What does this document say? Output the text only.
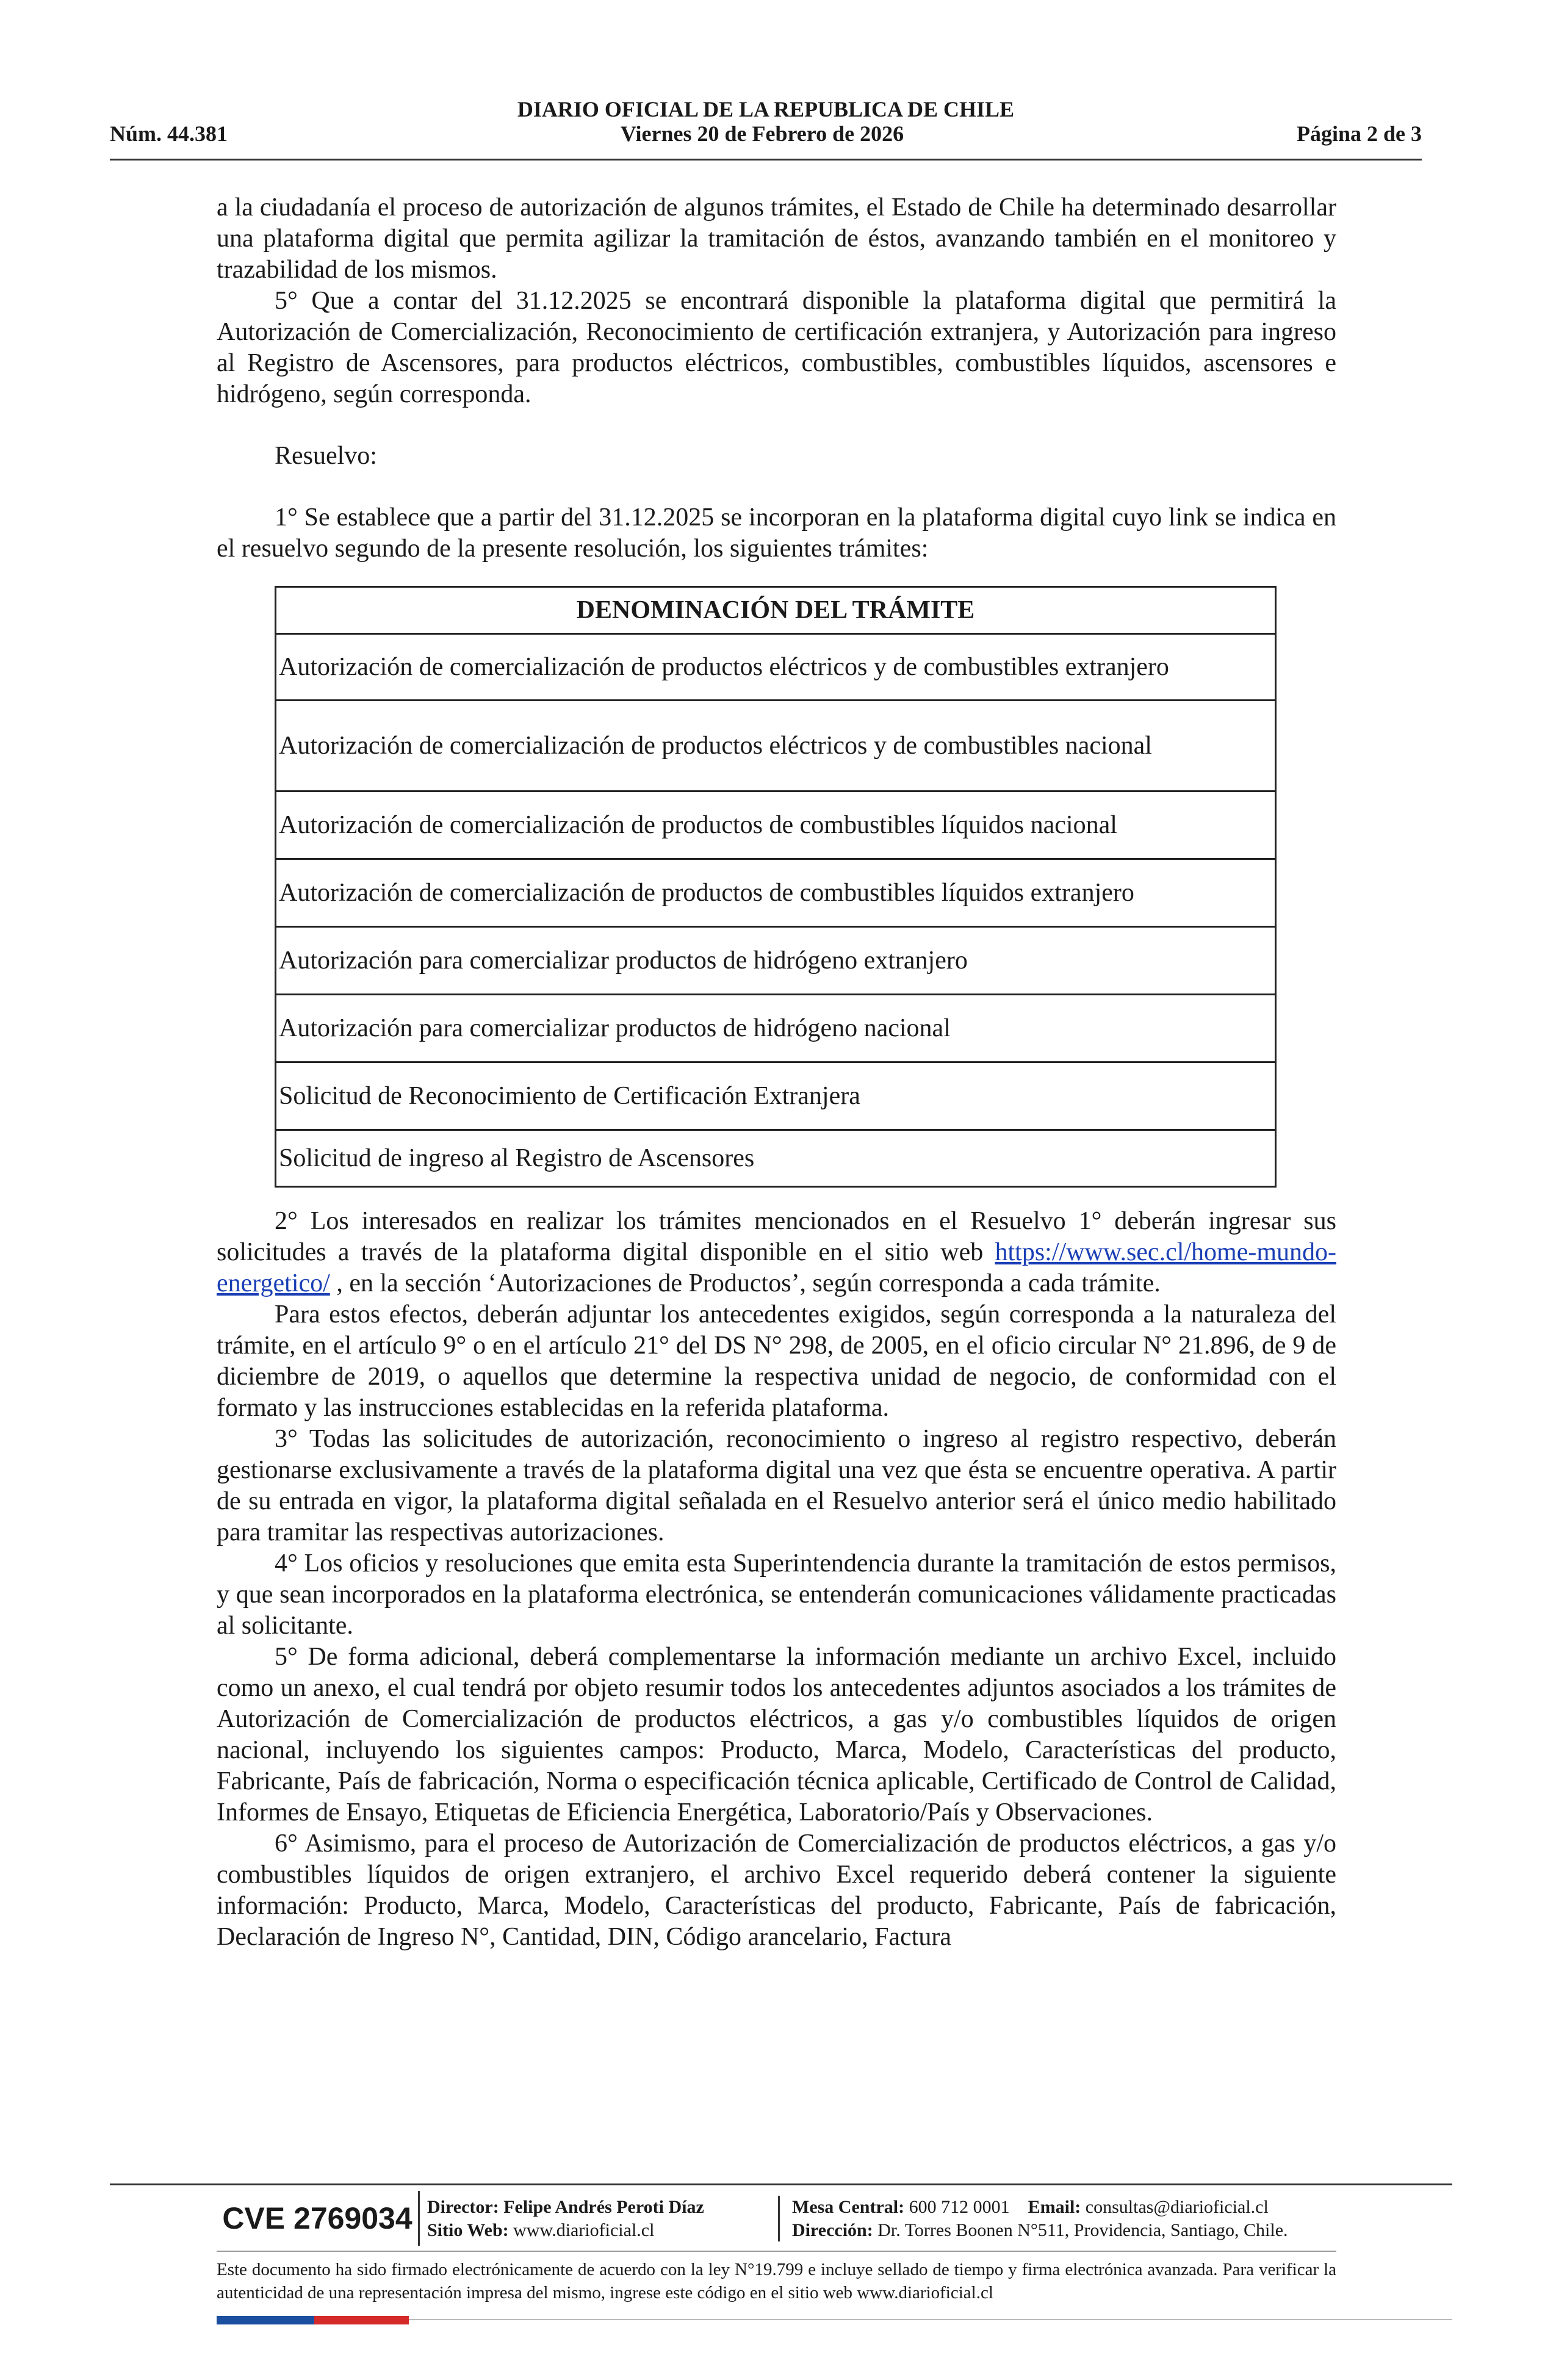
DIARIO OFICIAL DE LA REPUBLICA DE CHILE
Núm. 44.381	Viernes 20 de Febrero de 2026	Página 2 de 3

a la ciudadanía el proceso de autorización de algunos trámites, el Estado de Chile ha determinado desarrollar una plataforma digital que permita agilizar la tramitación de éstos, avanzando también en el monitoreo y trazabilidad de los mismos.

5° Que a contar del 31.12.2025 se encontrará disponible la plataforma digital que permitirá la Autorización de Comercialización, Reconocimiento de certificación extranjera, y Autorización para ingreso al Registro de Ascensores, para productos eléctricos, combustibles, combustibles líquidos, ascensores e hidrógeno, según corresponda.

Resuelvo:

1° Se establece que a partir del 31.12.2025 se incorporan en la plataforma digital cuyo link se indica en el resuelvo segundo de la presente resolución, los siguientes trámites:

DENOMINACIÓN DEL TRÁMITE
Autorización de comercialización de productos eléctricos y de combustibles extranjero
Autorización de comercialización de productos eléctricos y de combustibles nacional
Autorización de comercialización de productos de combustibles líquidos nacional
Autorización de comercialización de productos de combustibles líquidos extranjero
Autorización para comercializar productos de hidrógeno extranjero
Autorización para comercializar productos de hidrógeno nacional
Solicitud de Reconocimiento de Certificación Extranjera
Solicitud de ingreso al Registro de Ascensores

2° Los interesados en realizar los trámites mencionados en el Resuelvo 1° deberán ingresar sus solicitudes a través de la plataforma digital disponible en el sitio web https://www.sec.cl/home-mundo-energetico/ , en la sección ‘Autorizaciones de Productos’, según corresponda a cada trámite.

Para estos efectos, deberán adjuntar los antecedentes exigidos, según corresponda a la naturaleza del trámite, en el artículo 9° o en el artículo 21° del DS N° 298, de 2005, en el oficio circular N° 21.896, de 9 de diciembre de 2019, o aquellos que determine la respectiva unidad de negocio, de conformidad con el formato y las instrucciones establecidas en la referida plataforma.

3° Todas las solicitudes de autorización, reconocimiento o ingreso al registro respectivo, deberán gestionarse exclusivamente a través de la plataforma digital una vez que ésta se encuentre operativa. A partir de su entrada en vigor, la plataforma digital señalada en el Resuelvo anterior será el único medio habilitado para tramitar las respectivas autorizaciones.

4° Los oficios y resoluciones que emita esta Superintendencia durante la tramitación de estos permisos, y que sean incorporados en la plataforma electrónica, se entenderán comunicaciones válidamente practicadas al solicitante.

5° De forma adicional, deberá complementarse la información mediante un archivo Excel, incluido como un anexo, el cual tendrá por objeto resumir todos los antecedentes adjuntos asociados a los trámites de Autorización de Comercialización de productos eléctricos, a gas y/o combustibles líquidos de origen nacional, incluyendo los siguientes campos: Producto, Marca, Modelo, Características del producto, Fabricante, País de fabricación, Norma o especificación técnica aplicable, Certificado de Control de Calidad, Informes de Ensayo, Etiquetas de Eficiencia Energética, Laboratorio/País y Observaciones.

6° Asimismo, para el proceso de Autorización de Comercialización de productos eléctricos, a gas y/o combustibles líquidos de origen extranjero, el archivo Excel requerido deberá contener la siguiente información: Producto, Marca, Modelo, Características del producto, Fabricante, País de fabricación, Declaración de Ingreso N°, Cantidad, DIN, Código arancelario, Factura

CVE 2769034 Director: Felipe Andrés Peroti Díaz
Sitio Web: www.diarioficial.cl
Mesa Central: 600 712 0001 Email: consultas@diarioficial.cl
Dirección: Dr. Torres Boonen N°511, Providencia, Santiago, Chile.
Este documento ha sido firmado electrónicamente de acuerdo con la ley N°19.799 e incluye sellado de tiempo y firma electrónica avanzada. Para verificar la autenticidad de una representación impresa del mismo, ingrese este código en el sitio web www.diarioficial.cl
